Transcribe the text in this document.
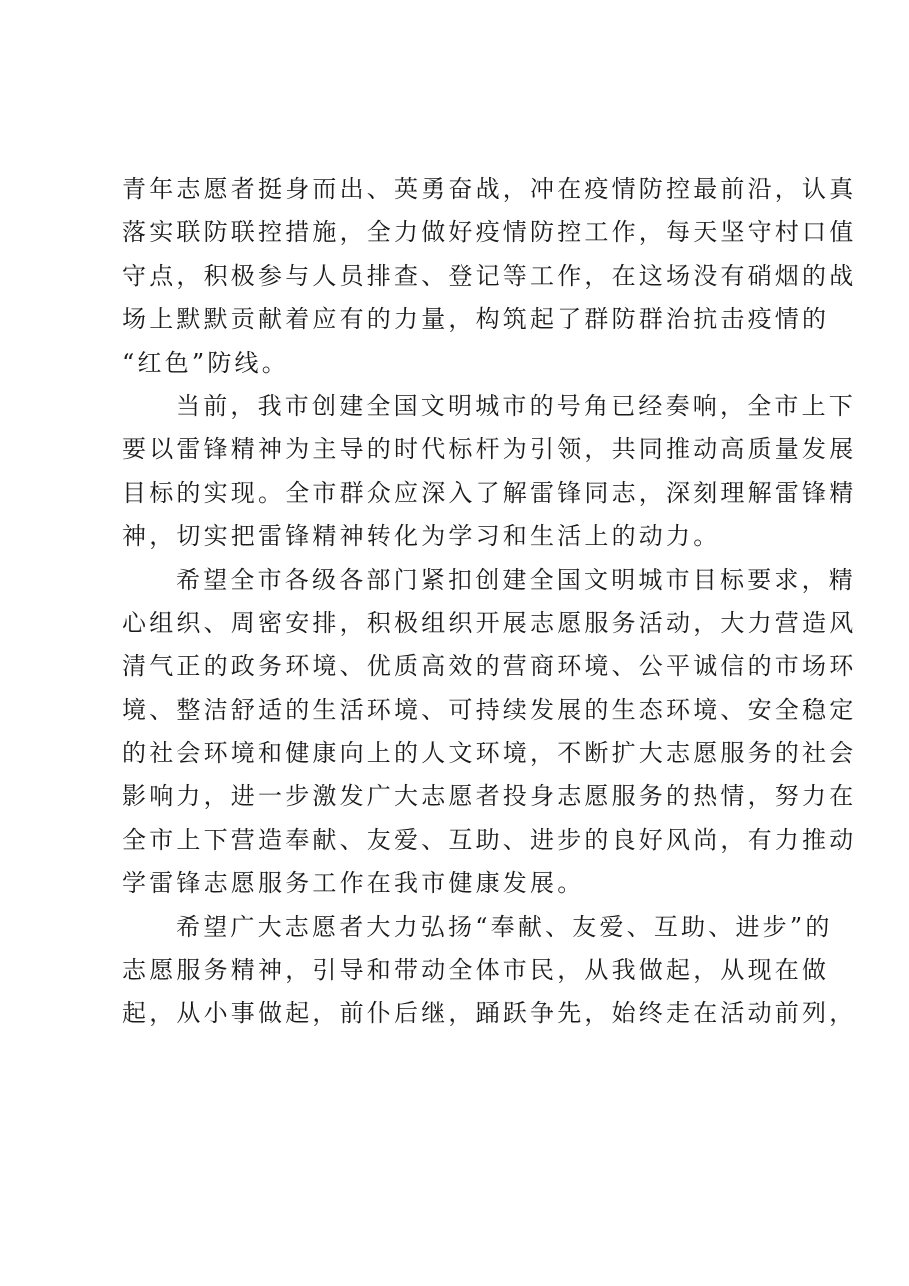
青年志愿者挺身而出、英勇奋战，冲在疫情防控最前沿，认真
落实联防联控措施，全力做好疫情防控工作，每天坚守村口值
守点，积极参与人员排查、登记等工作，在这场没有硝烟的战
场上默默贡献着应有的力量，构筑起了群防群治抗击疫情的
“红色”防线。
当前，我市创建全国文明城市的号角已经奏响，全市上下
要以雷锋精神为主导的时代标杆为引领，共同推动高质量发展
目标的实现。全市群众应深入了解雷锋同志，深刻理解雷锋精
神，切实把雷锋精神转化为学习和生活上的动力。
希望全市各级各部门紧扣创建全国文明城市目标要求，精
心组织、周密安排，积极组织开展志愿服务活动，大力营造风
清气正的政务环境、优质高效的营商环境、公平诚信的市场环
境、整洁舒适的生活环境、可持续发展的生态环境、安全稳定
的社会环境和健康向上的人文环境，不断扩大志愿服务的社会
影响力，进一步激发广大志愿者投身志愿服务的热情，努力在
全市上下营造奉献、友爱、互助、进步的良好风尚，有力推动
学雷锋志愿服务工作在我市健康发展。
希望广大志愿者大力弘扬“奉献、友爱、互助、进步”的
志愿服务精神，引导和带动全体市民，从我做起，从现在做
起，从小事做起，前仆后继，踊跃争先，始终走在活动前列，
